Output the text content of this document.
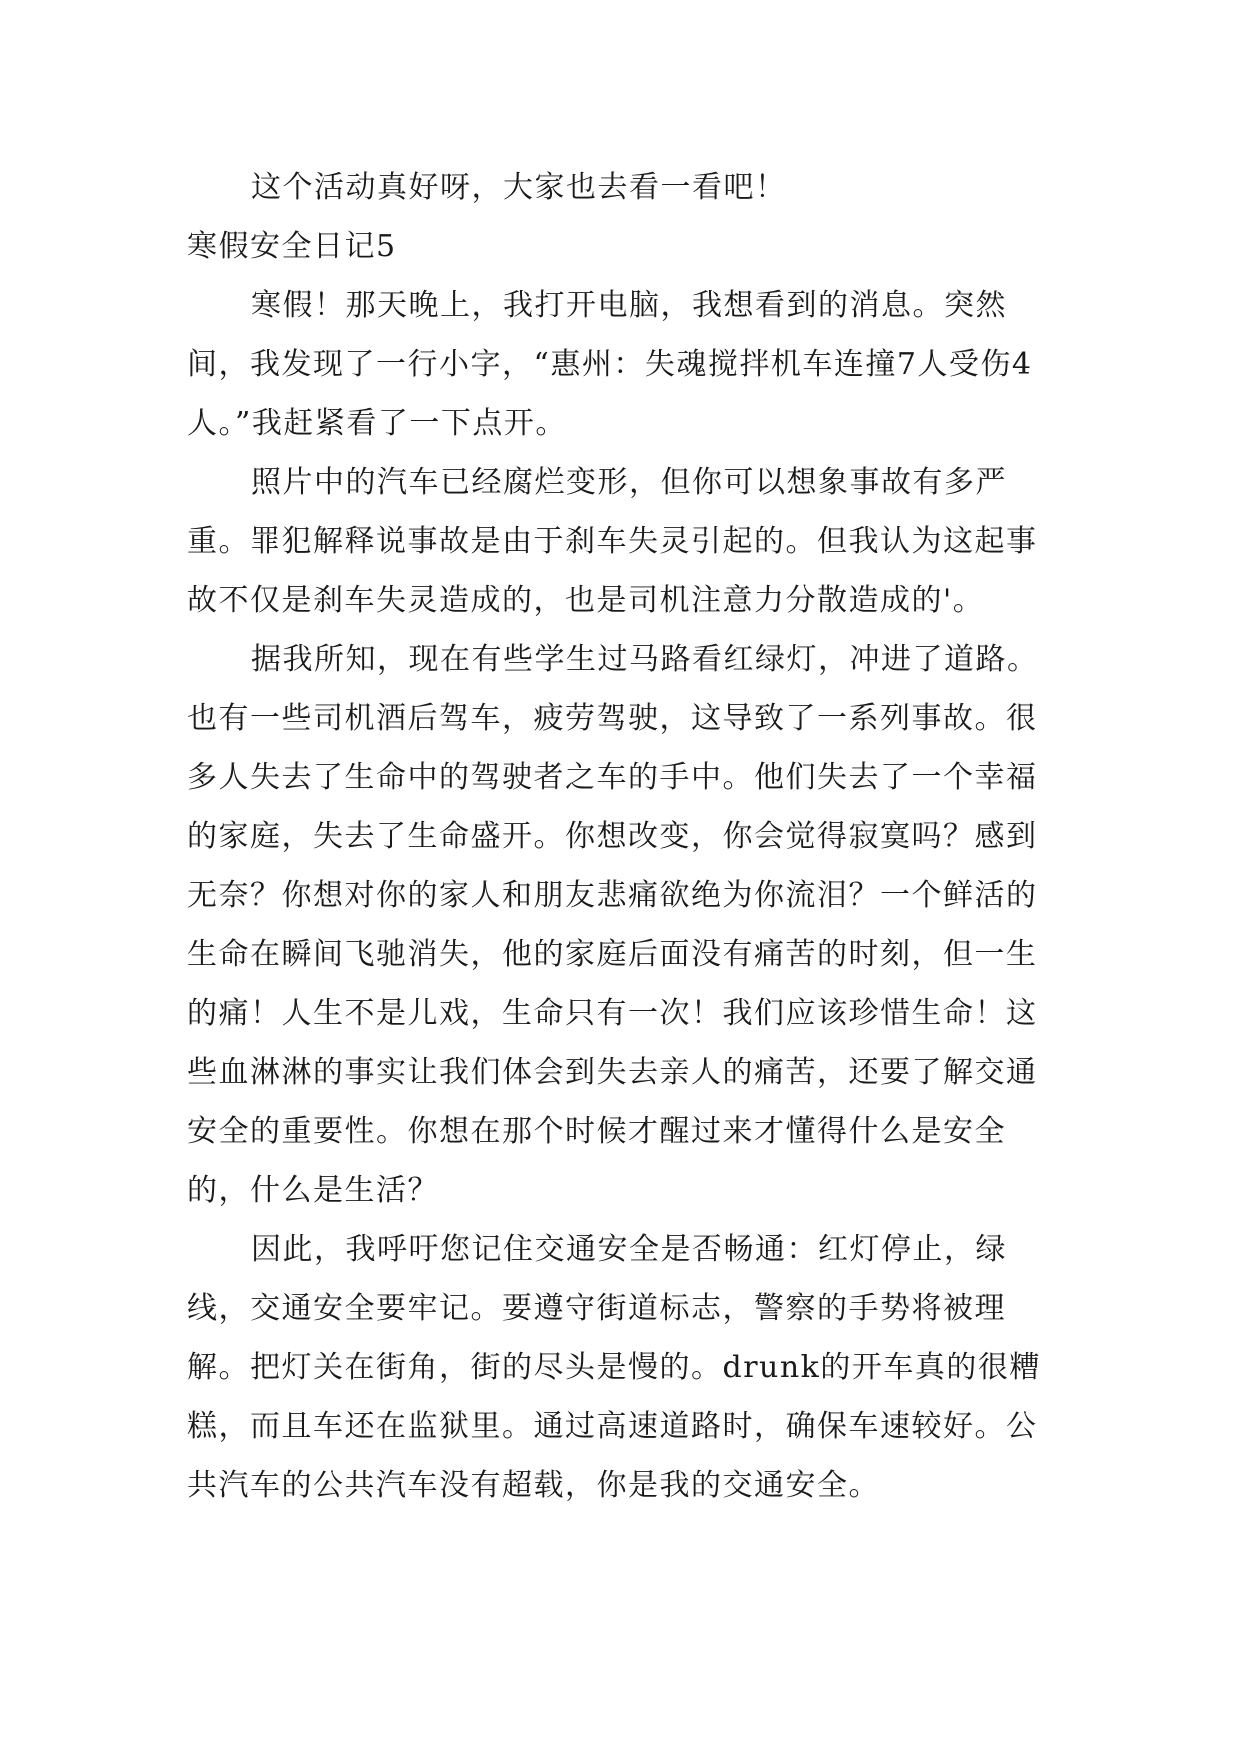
这个活动真好呀，大家也去看一看吧！

寒假安全日记5

寒假！那天晚上，我打开电脑，我想看到的消息。突然间，我发现了一行小字，“惠州：失魂搅拌机车连撞7人受伤4人。”我赶紧看了一下点开。

照片中的汽车已经腐烂变形，但你可以想象事故有多严重。罪犯解释说事故是由于刹车失灵引起的。但我认为这起事故不仅是刹车失灵造成的，也是司机注意力分散造成的'。

据我所知，现在有些学生过马路看红绿灯，冲进了道路。也有一些司机酒后驾车，疲劳驾驶，这导致了一系列事故。很多人失去了生命中的驾驶者之车的手中。他们失去了一个幸福的家庭，失去了生命盛开。你想改变，你会觉得寂寞吗？感到无奈？你想对你的家人和朋友悲痛欲绝为你流泪？一个鲜活的生命在瞬间飞驰消失，他的家庭后面没有痛苦的时刻，但一生的痛！人生不是儿戏，生命只有一次！我们应该珍惜生命！这些血淋淋的事实让我们体会到失去亲人的痛苦，还要了解交通安全的重要性。你想在那个时候才醒过来才懂得什么是安全的，什么是生活？

因此，我呼吁您记住交通安全是否畅通：红灯停止，绿线，交通安全要牢记。要遵守街道标志，警察的手势将被理解。把灯关在街角，街的尽头是慢的。drunk的开车真的很糟糕，而且车还在监狱里。通过高速道路时，确保车速较好。公共汽车的公共汽车没有超载，你是我的交通安全。
